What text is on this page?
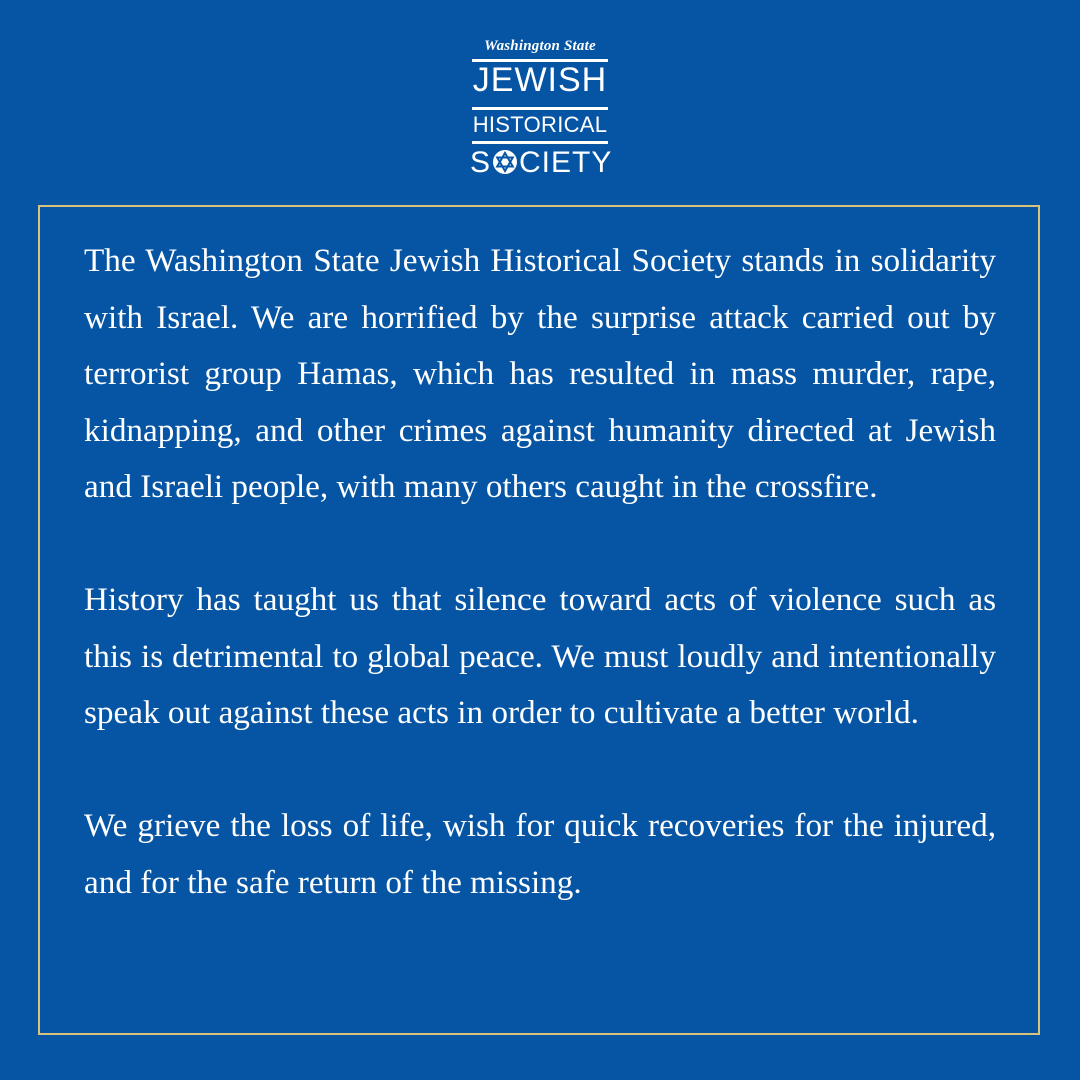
Washington State
JEWISH
HISTORICAL
S CIETY

The Washington State Jewish Historical Society stands in solidarity with Israel. We are horrified by the surprise attack carried out by terrorist group Hamas, which has resulted in mass murder, rape, kidnapping, and other crimes against humanity directed at Jewish and Israeli people, with many others caught in the crossfire.

History has taught us that silence toward acts of violence such as this is detrimental to global peace. We must loudly and intentionally speak out against these acts in order to cultivate a better world.

We grieve the loss of life, wish for quick recoveries for the injured, and for the safe return of the missing.
